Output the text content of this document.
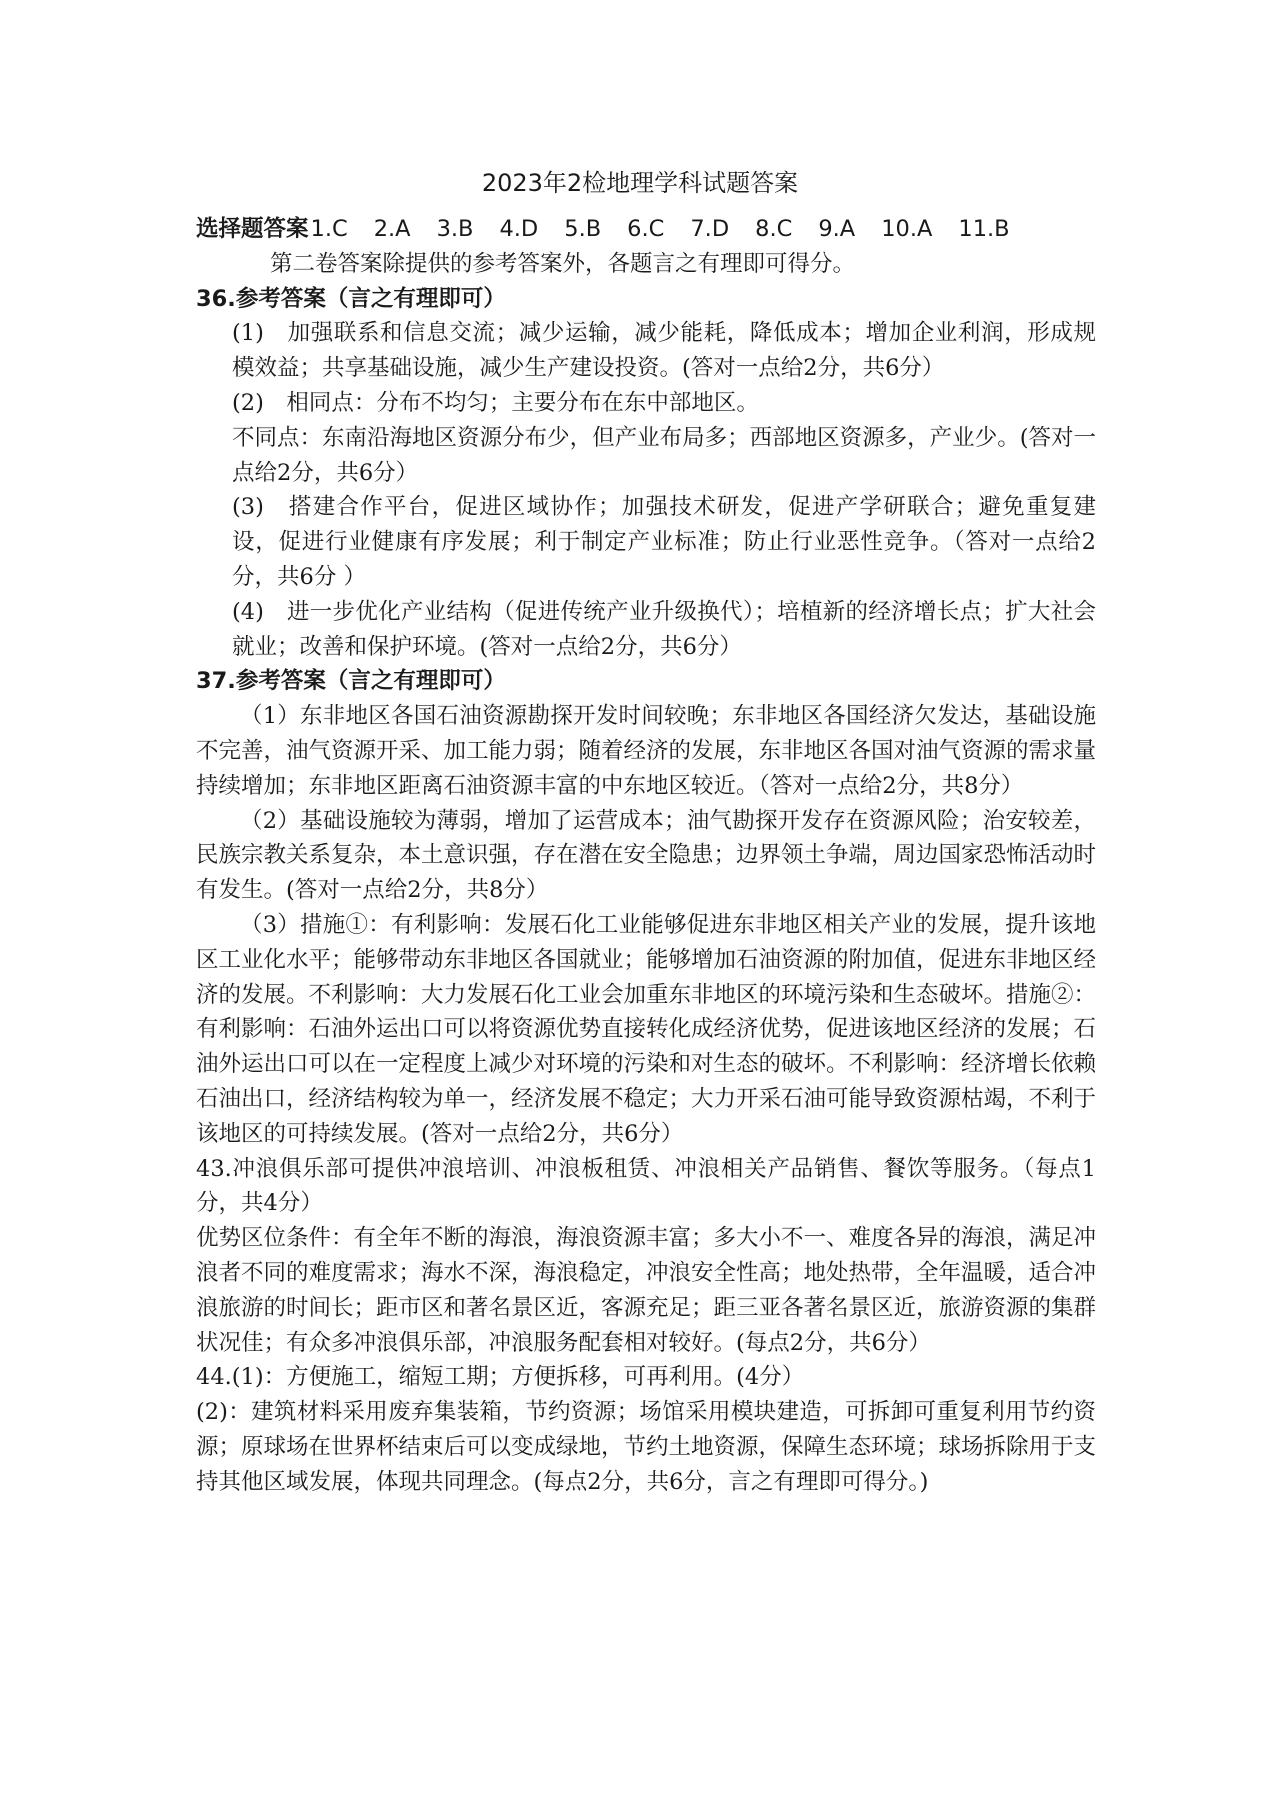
2023年2检地理学科试题答案

选择题答案1.C 2.A 3.B 4.D 5.B 6.C 7.D 8.C 9.A 10.A 11.B

第二卷答案除提供的参考答案外，各题言之有理即可得分。

36.参考答案（言之有理即可）

(1)　加强联系和信息交流；减少运输，减少能耗，降低成本；增加企业利润，形成规模效益；共享基础设施，减少生产建设投资。(答对一点给2分，共6分）

(2)　相同点：分布不均匀；主要分布在东中部地区。

不同点：东南沿海地区资源分布少，但产业布局多；西部地区资源多，产业少。(答对一点给2分，共6分）

(3)　搭建合作平台，促进区域协作；加强技术研发，促进产学研联合；避免重复建设，促进行业健康有序发展；利于制定产业标准；防止行业恶性竞争。（答对一点给2分，共6分 ）

(4)　进一步优化产业结构（促进传统产业升级换代）；培植新的经济增长点；扩大社会就业；改善和保护环境。(答对一点给2分，共6分）

37.参考答案（言之有理即可）

（1）东非地区各国石油资源勘探开发时间较晚；东非地区各国经济欠发达，基础设施不完善，油气资源开采、加工能力弱；随着经济的发展，东非地区各国对油气资源的需求量持续增加；东非地区距离石油资源丰富的中东地区较近。（答对一点给2分，共8分）

（2）基础设施较为薄弱，增加了运营成本；油气勘探开发存在资源风险；治安较差，民族宗教关系复杂，本土意识强，存在潜在安全隐患；边界领土争端，周边国家恐怖活动时有发生。(答对一点给2分，共8分）

（3）措施①：有利影响：发展石化工业能够促进东非地区相关产业的发展，提升该地区工业化水平；能够带动东非地区各国就业；能够增加石油资源的附加值，促进东非地区经济的发展。不利影响：大力发展石化工业会加重东非地区的环境污染和生态破坏。措施②：有利影响：石油外运出口可以将资源优势直接转化成经济优势，促进该地区经济的发展；石油外运出口可以在一定程度上减少对环境的污染和对生态的破坏。不利影响：经济增长依赖石油出口，经济结构较为单一，经济发展不稳定；大力开采石油可能导致资源枯竭，不利于该地区的可持续发展。(答对一点给2分，共6分）

43.冲浪俱乐部可提供冲浪培训、冲浪板租赁、冲浪相关产品销售、餐饮等服务。（每点1分，共4分）

优势区位条件：有全年不断的海浪，海浪资源丰富；多大小不一、难度各异的海浪，满足冲浪者不同的难度需求；海水不深，海浪稳定，冲浪安全性高；地处热带，全年温暖，适合冲浪旅游的时间长；距市区和著名景区近，客源充足；距三亚各著名景区近，旅游资源的集群状况佳；有众多冲浪俱乐部，冲浪服务配套相对较好。(每点2分，共6分）

44.(1)：方便施工，缩短工期；方便拆移，可再利用。(4分）

(2)：建筑材料采用废弃集装箱，节约资源；场馆采用模块建造，可拆卸可重复利用节约资源；原球场在世界杯结束后可以变成绿地，节约土地资源，保障生态环境；球场拆除用于支持其他区域发展，体现共同理念。(每点2分，共6分，言之有理即可得分。)
